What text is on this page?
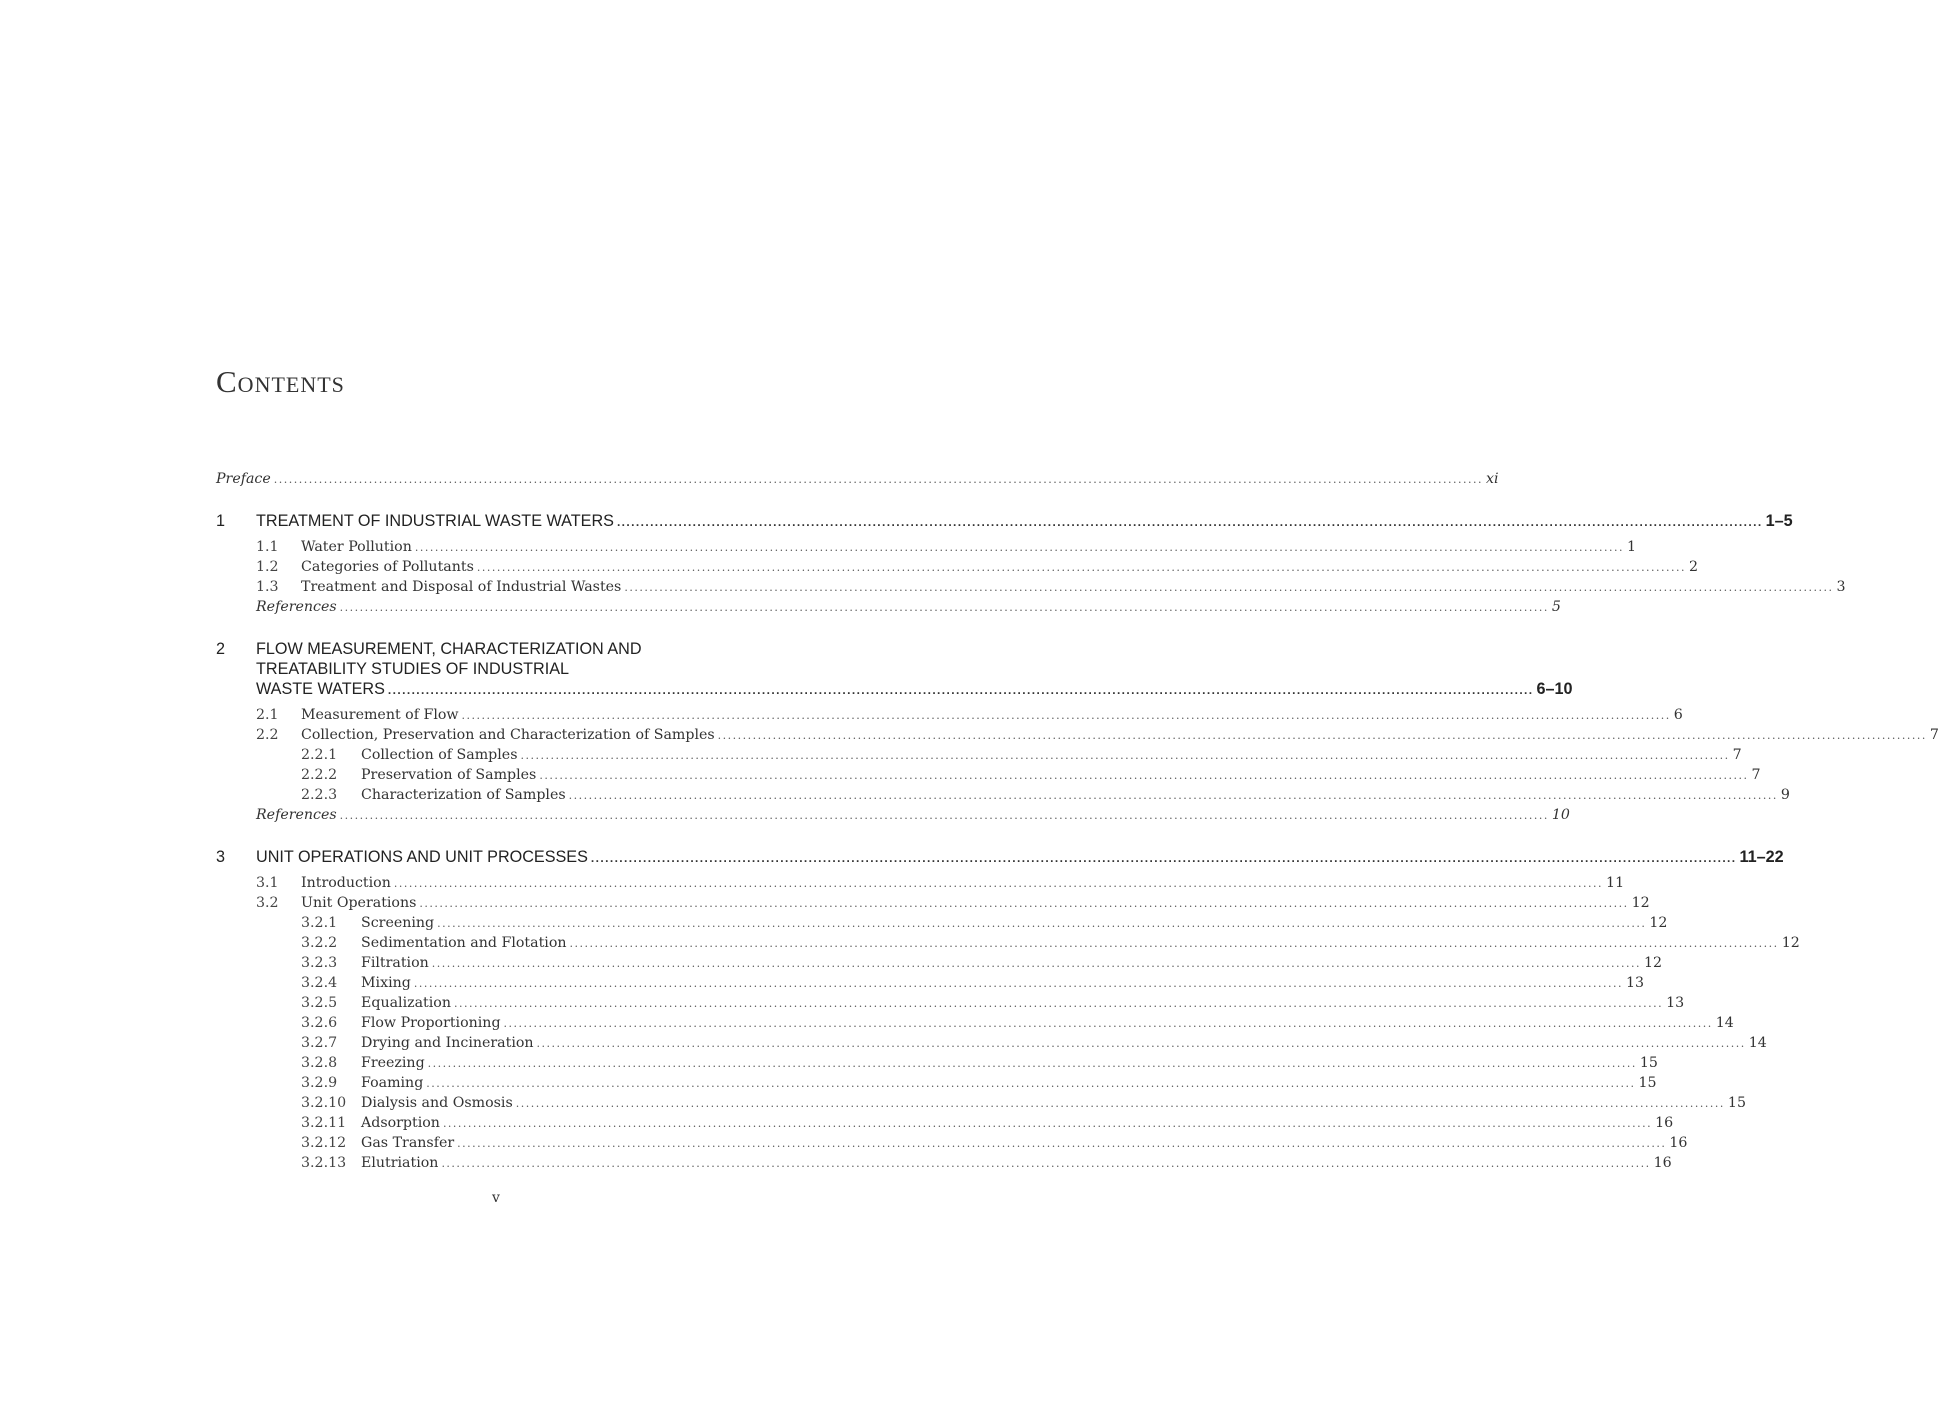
Contents
Preface .....	xi
1	TREATMENT OF INDUSTRIAL WASTE WATERS .....	1–5
1.1	Water Pollution .....	1
1.2	Categories of Pollutants .....	2
1.3	Treatment and Disposal of Industrial Wastes .....	3
References .....	5
2	FLOW MEASUREMENT, CHARACTERIZATION AND
TREATABILITY STUDIES OF INDUSTRIAL
WASTE WATERS .....	6–10
2.1	Measurement of Flow .....	6
2.2	Collection, Preservation and Characterization of Samples .....	7
2.2.1	Collection of Samples .....	7
2.2.2	Preservation of Samples .....	7
2.2.3	Characterization of Samples .....	9
References .....	10
3	UNIT OPERATIONS AND UNIT PROCESSES .....	11–22
3.1	Introduction .....	11
3.2	Unit Operations .....	12
3.2.1	Screening .....	12
3.2.2	Sedimentation and Flotation .....	12
3.2.3	Filtration .....	12
3.2.4	Mixing .....	13
3.2.5	Equalization .....	13
3.2.6	Flow Proportioning .....	14
3.2.7	Drying and Incineration .....	14
3.2.8	Freezing .....	15
3.2.9	Foaming .....	15
3.2.10	Dialysis and Osmosis .....	15
3.2.11	Adsorption .....	16
3.2.12	Gas Transfer .....	16
3.2.13	Elutriation .....	16
v
